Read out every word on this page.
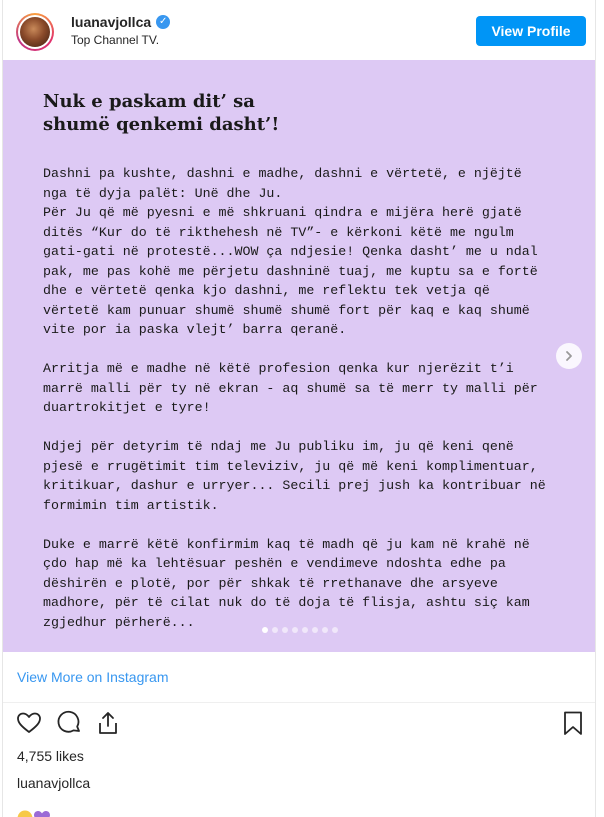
luanavjollca ✓
Top Channel TV.
View Profile
Nuk e paskam dit’ sa
shumë qenkemi dasht’!

Dashni pa kushte, dashni e madhe, dashni e vërtetë, e njëjtë nga të dyja palët: Unë dhe Ju.
Për Ju që më pyesni e më shkruani qindra e mijëra herë gjatë ditës “Kur do të rikthehesh në TV”- e kërkoni këtë me ngulm gati-gati në protestë...WOW ça ndjesie! Qenka dasht’ me u ndal pak, me pas kohë me përjetu dashninë tuaj, me kuptu sa e fortë dhe e vërtetë qenka kjo dashni, me reflektu tek vetja që vërtetë kam punuar shumë shumë shumë fort për kaq e kaq shumë vite por ia paska vlejt’ barra qeranë.

Arritja më e madhe në këtë profesion qenka kur njerëzit t’i marrë malli për ty në ekran - aq shumë sa të merr ty malli për duartrokitjet e tyre!

Ndjej për detyrim të ndaj me Ju publiku im, ju që keni qenë pjesë e rrugëtimit tim televiziv, ju që më keni komplimentuar, kritikuar, dashur e urryer... Secili prej jush ka kontribuar në formimin tim artistik.

Duke e marrë këtë konfirmim kaq të madh që ju kam në krahë në çdo hap më ka lehtësuar peshën e vendimeve ndoshta edhe pa dëshirën e plotë, por për shkak të rrethanave dhe arsyeve madhore, për të cilat nuk do të doja të flisja, ashtu siç kam zgjedhur përherë...

View More on Instagram
4,755 likes
luanavjollca
